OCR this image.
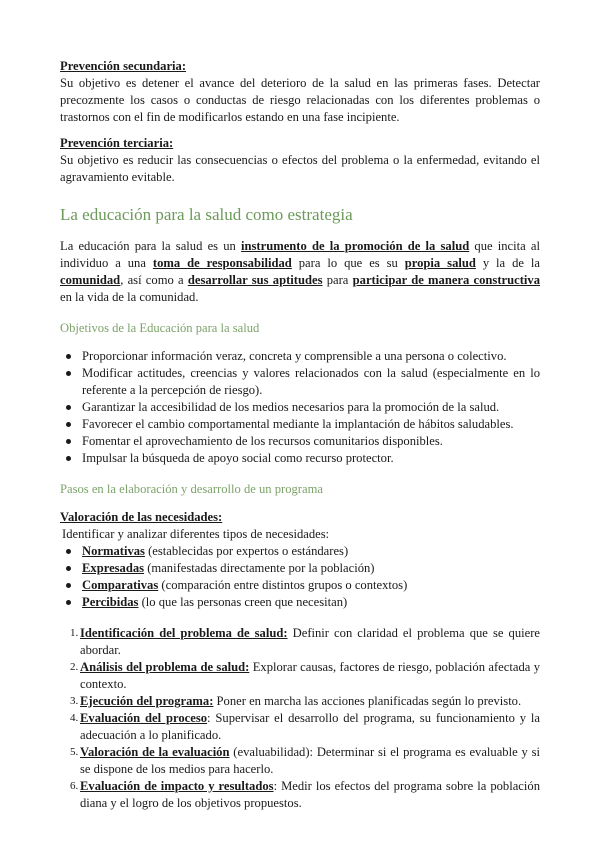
Prevención secundaria:

Su objetivo es detener el avance del deterioro de la salud en las primeras fases. Detectar precozmente los casos o conductas de riesgo relacionadas con los diferentes problemas o trastornos con el fin de modificarlos estando en una fase incipiente.

Prevención terciaria:

Su objetivo es reducir las consecuencias o efectos del problema o la enfermedad, evitando el agravamiento evitable.

La educación para la salud como estrategia

La educación para la salud es un instrumento de la promoción de la salud que incita al individuo a una toma de responsabilidad para lo que es su propia salud y la de la comunidad, así como a desarrollar sus aptitudes para participar de manera constructiva en la vida de la comunidad.

Objetivos de la Educación para la salud
Proporcionar información veraz, concreta y comprensible a una persona o colectivo.
Modificar actitudes, creencias y valores relacionados con la salud (especialmente en lo referente a la percepción de riesgo).
Garantizar la accesibilidad de los medios necesarios para la promoción de la salud.
Favorecer el cambio comportamental mediante la implantación de hábitos saludables.
Fomentar el aprovechamiento de los recursos comunitarios disponibles.
Impulsar la búsqueda de apoyo social como recurso protector.
Pasos en la elaboración y desarrollo de un programa

Valoración de las necesidades:

Identificar y analizar diferentes tipos de necesidades:

Normativas (establecidas por expertos o estándares)
Expresadas (manifestadas directamente por la población)
Comparativas (comparación entre distintos grupos o contextos)
Percibidas (lo que las personas creen que necesitan)
1. Identificación del problema de salud: Definir con claridad el problema que se quiere abordar.
2. Análisis del problema de salud: Explorar causas, factores de riesgo, población afectada y contexto.
3. Ejecución del programa: Poner en marcha las acciones planificadas según lo previsto.
4. Evaluación del proceso: Supervisar el desarrollo del programa, su funcionamiento y la adecuación a lo planificado.
5. Valoración de la evaluación (evaluabilidad): Determinar si el programa es evaluable y si se dispone de los medios para hacerlo.
6. Evaluación de impacto y resultados: Medir los efectos del programa sobre la población diana y el logro de los objetivos propuestos.
